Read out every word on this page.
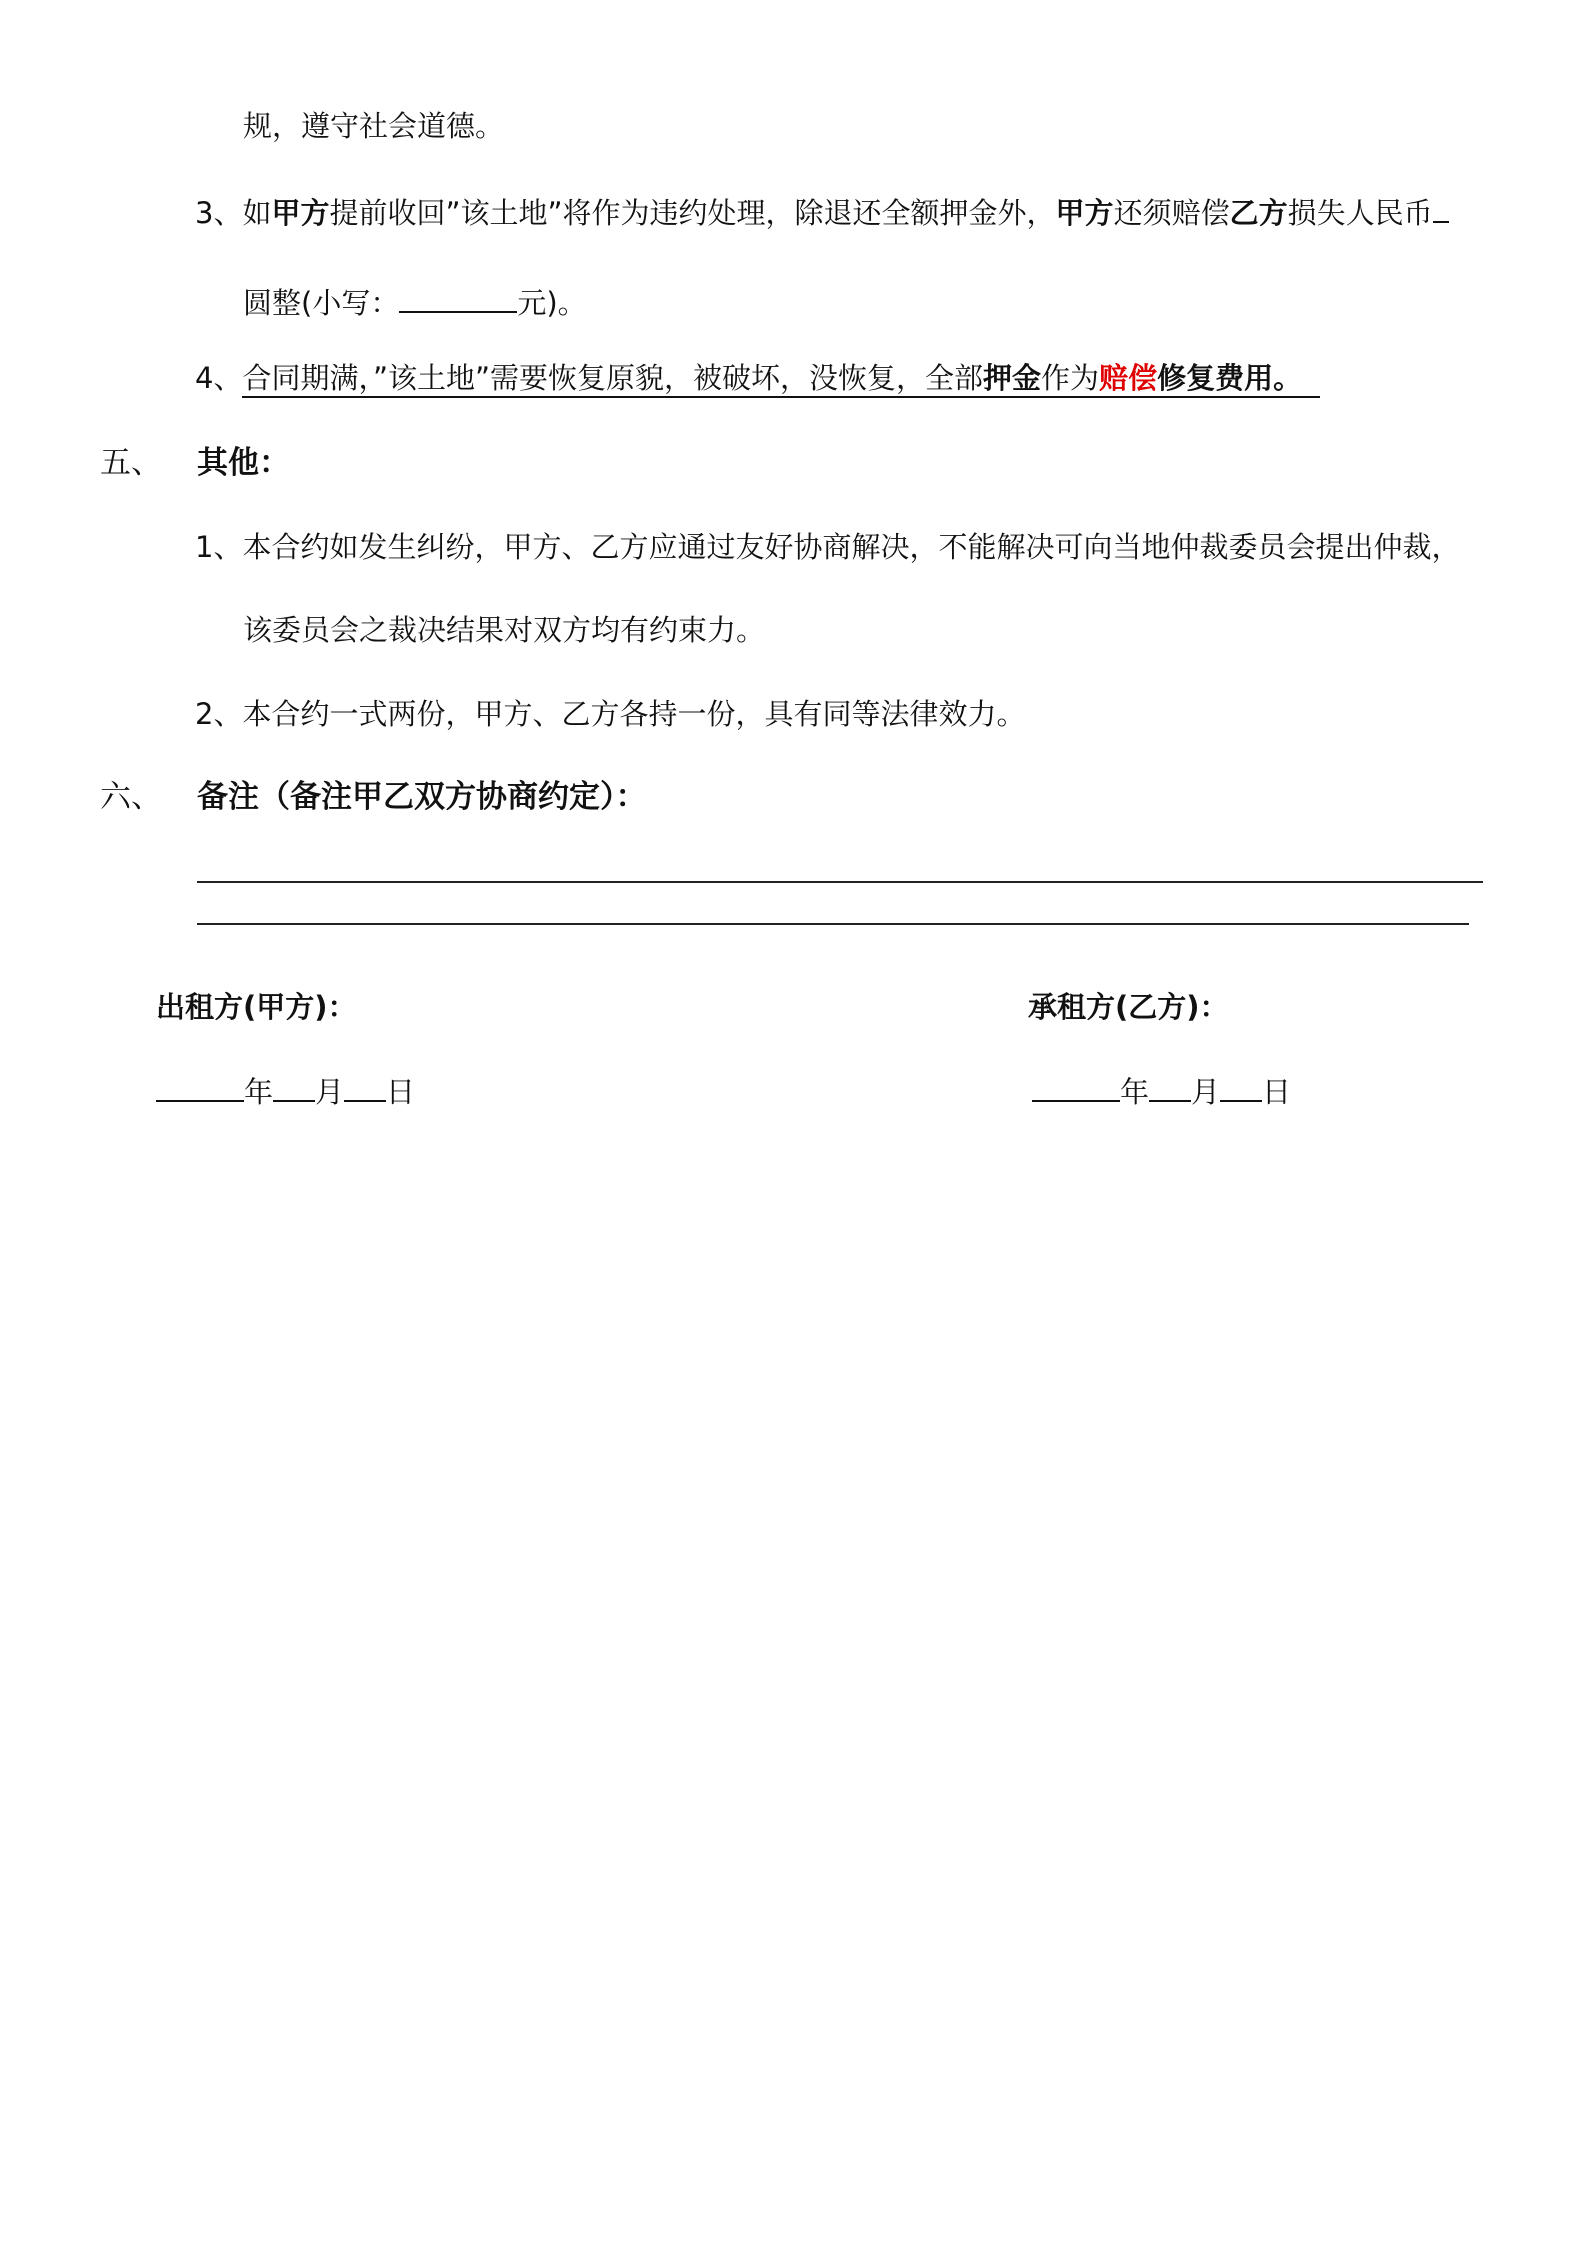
规，遵守社会道德。
3、如甲方提前收回”该土地”将作为违约处理，除退还全额押金外，甲方还须赔偿乙方损失人民币
圆整(小写：	元)。
4、合同期满，”该土地”需要恢复原貌，被破坏，没恢复，全部押金作为赔偿修复费用。
五、 其他：
1、本合约如发生纠纷，甲方、乙方应通过友好协商解决，不能解决可向当地仲裁委员会提出仲裁，
该委员会之裁决结果对双方均有约束力。
2、本合约一式两份，甲方、乙方各持一份，具有同等法律效力。
六、 备注（备注甲乙双方协商约定）：
出租方(甲方)：	承租方(乙方)：
年 月 日	年 月 日
